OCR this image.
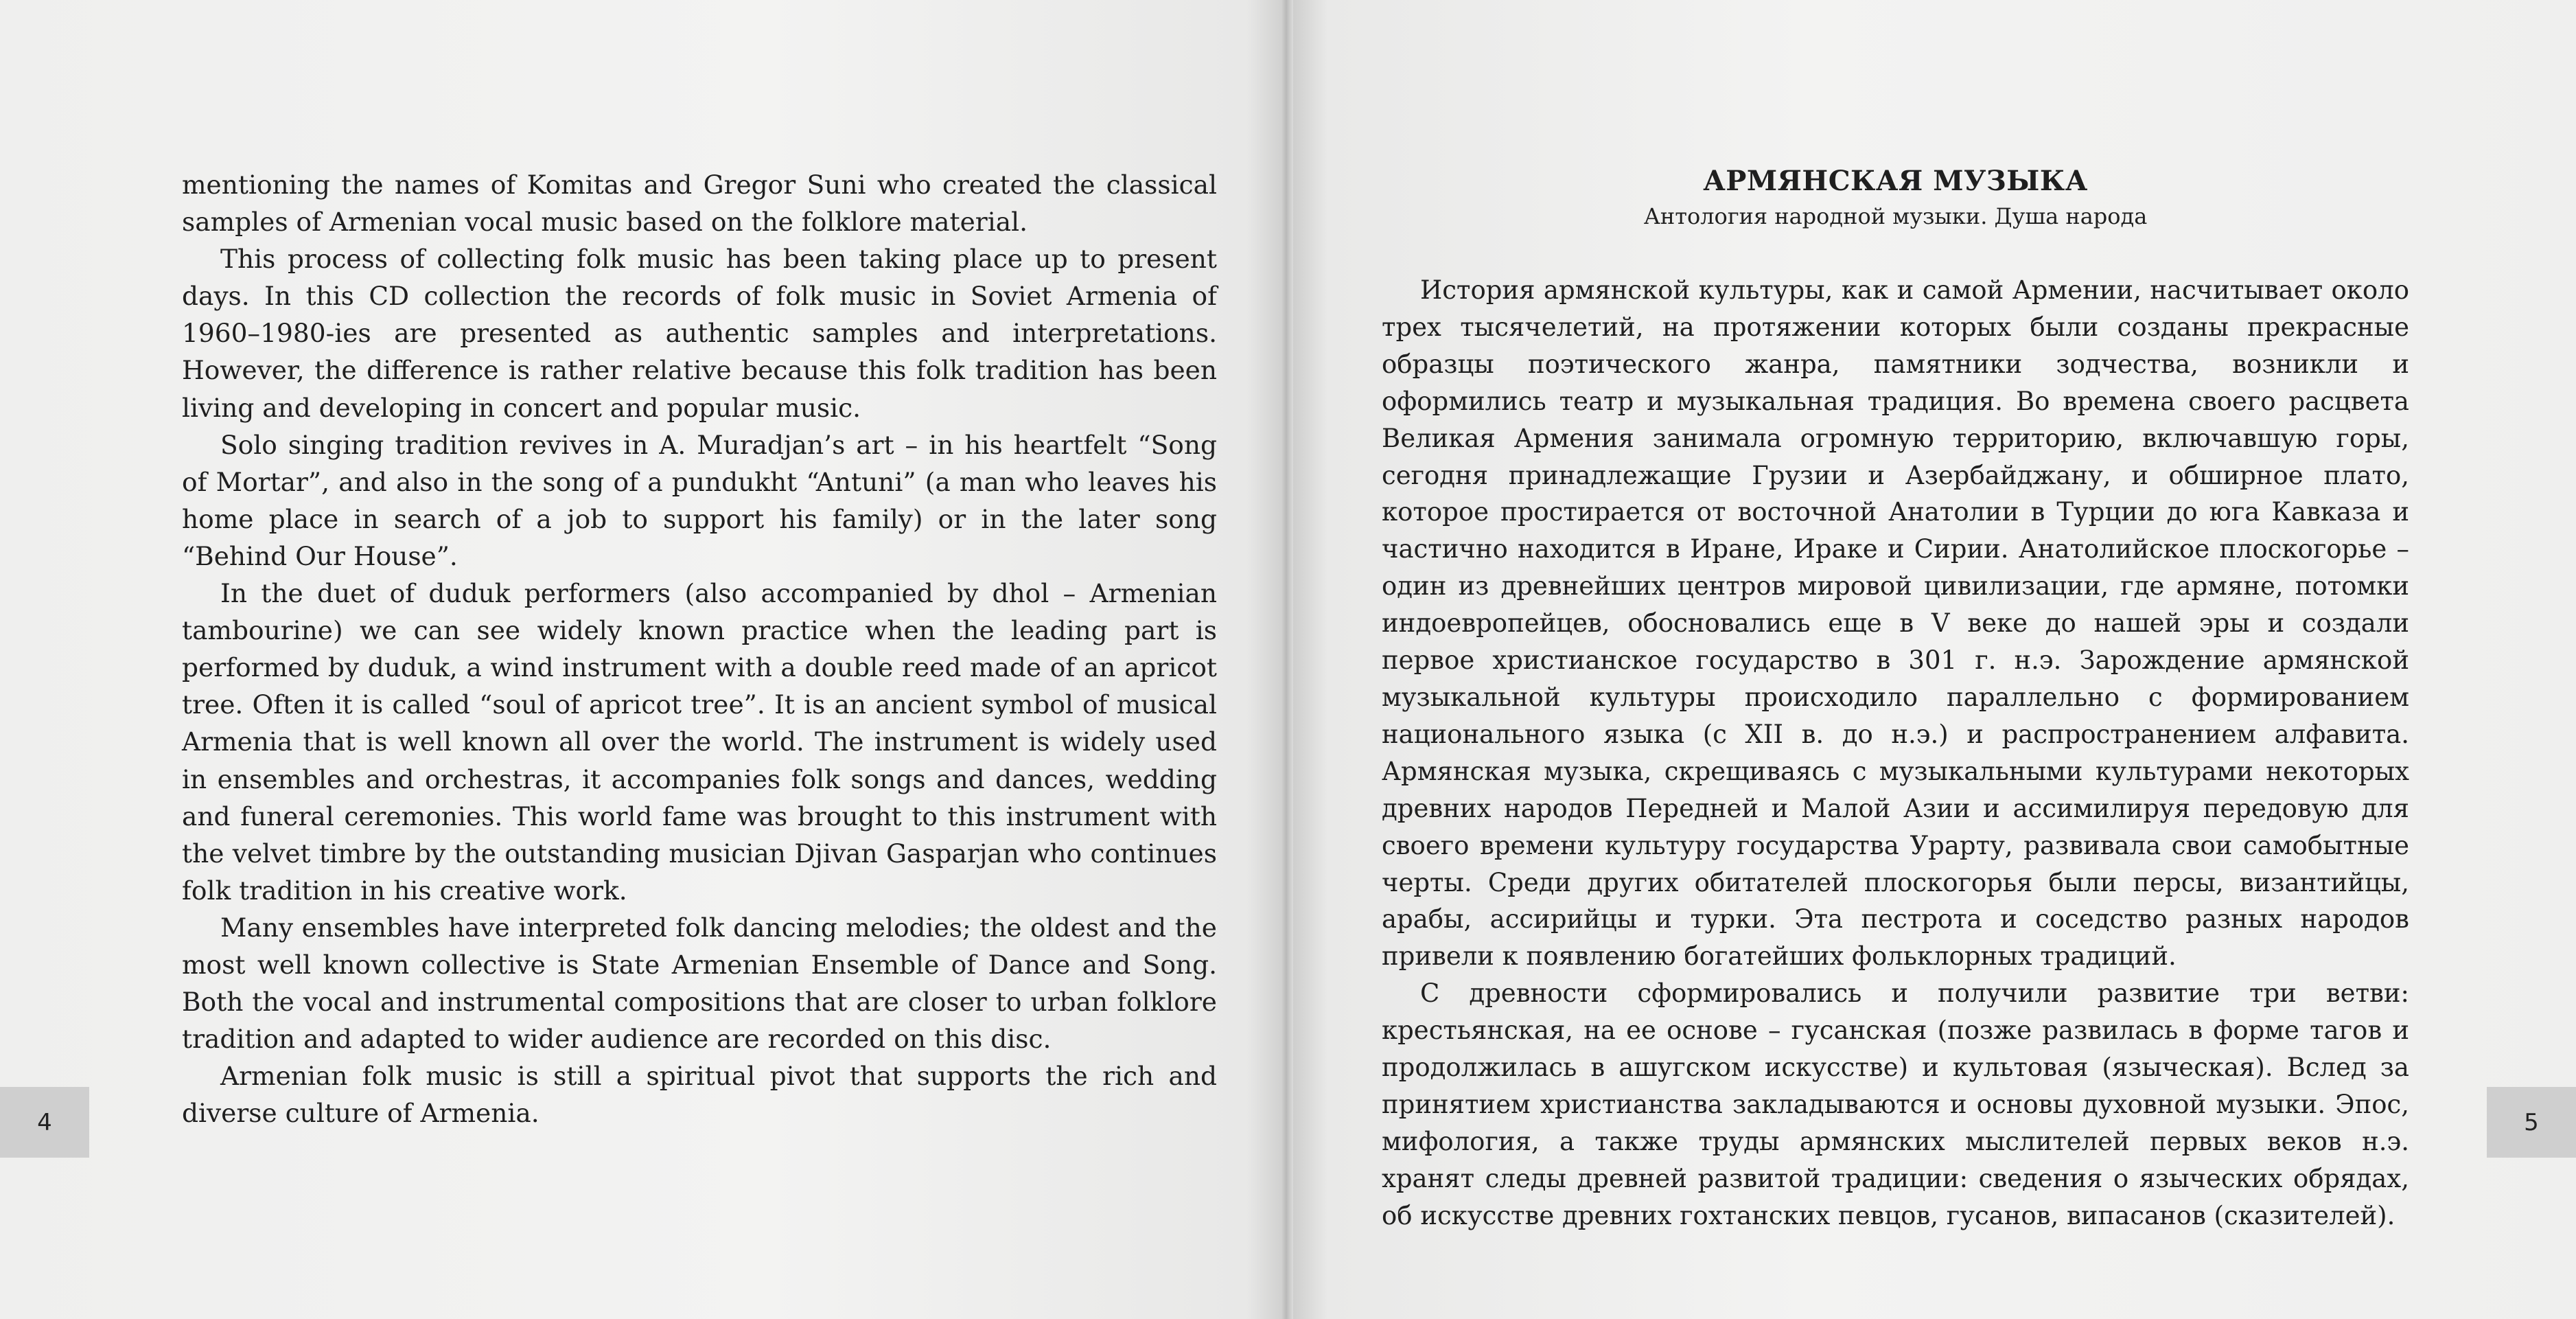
mentioning the names of Komitas and Gregor Suni who created the classical samples of Armenian vocal music based on the folklore material.

This process of collecting folk music has been taking place up to present days. In this CD collection the records of folk music in Soviet Armenia of 1960–1980-ies are presented as authentic samples and interpretations. However, the difference is rather relative because this folk tradition has been living and developing in concert and popular music.

Solo singing tradition revives in A. Muradjan’s art – in his heartfelt “Song of Mortar”, and also in the song of a pundukht “Antuni” (a man who leaves his home place in search of a job to support his family) or in the later song “Behind Our House”.

In the duet of duduk performers (also accompanied by dhol – Armenian tambourine) we can see widely known practice when the leading part is performed by duduk, a wind instrument with a double reed made of an apricot tree. Often it is called “soul of apricot tree”. It is an ancient symbol of musical Armenia that is well known all over the world. The instrument is widely used in ensembles and orchestras, it accompanies folk songs and dances, wedding and funeral ceremonies. This world fame was brought to this instrument with the velvet timbre by the outstanding musician Djivan Gasparjan who continues folk tradition in his creative work.

Many ensembles have interpreted folk dancing melodies; the oldest and the most well known collective is State Armenian Ensemble of Dance and Song. Both the vocal and instrumental compositions that are closer to urban folklore tradition and adapted to wider audience are recorded on this disc.

Armenian folk music is still a spiritual pivot that supports the rich and diverse culture of Armenia.

АРМЯНСКАЯ МУЗЫКА
Антология народной музыки. Душа народа

История армянской культуры, как и самой Армении, насчитывает около трех тысячелетий, на протяжении которых были созданы прекрасные образцы поэтического жанра, памятники зодчества, возникли и оформились театр и музыкальная традиция. Во времена своего расцвета Великая Армения занимала огромную территорию, включавшую горы, сегодня принадлежащие Грузии и Азербайджану, и обширное плато, которое простирается от восточной Анатолии в Турции до юга Кавказа и частично находится в Иране, Ираке и Сирии. Анатолийское плоскогорье – один из древнейших центров мировой цивилизации, где армяне, потомки индоевропейцев, обосновались еще в V веке до нашей эры и создали первое христианское государство в 301 г. н.э. Зарождение армянской музыкальной культуры происходило параллельно с формированием национального языка (с XII в. до н.э.) и распространением алфавита. Армянская музыка, скрещиваясь с музыкальными культурами некоторых древних народов Передней и Малой Азии и ассимилируя передовую для своего времени культуру государства Урарту, развивала свои самобытные черты. Среди других обитателей плоскогорья были персы, византийцы, арабы, ассирийцы и турки. Эта пестрота и соседство разных народов привели к появлению богатейших фольклорных традиций.

С древности сформировались и получили развитие три ветви: крестьянская, на ее основе – гусанская (позже развилась в форме тагов и продолжилась в ашугском искусстве) и культовая (языческая). Вслед за принятием христианства закладываются и основы духовной музыки. Эпос, мифология, а также труды армянских мыслителей первых веков н.э. хранят следы древней развитой традиции: сведения о языческих обрядах, об искусстве древних гохтанских певцов, гусанов, випасанов (сказителей).

4	5
